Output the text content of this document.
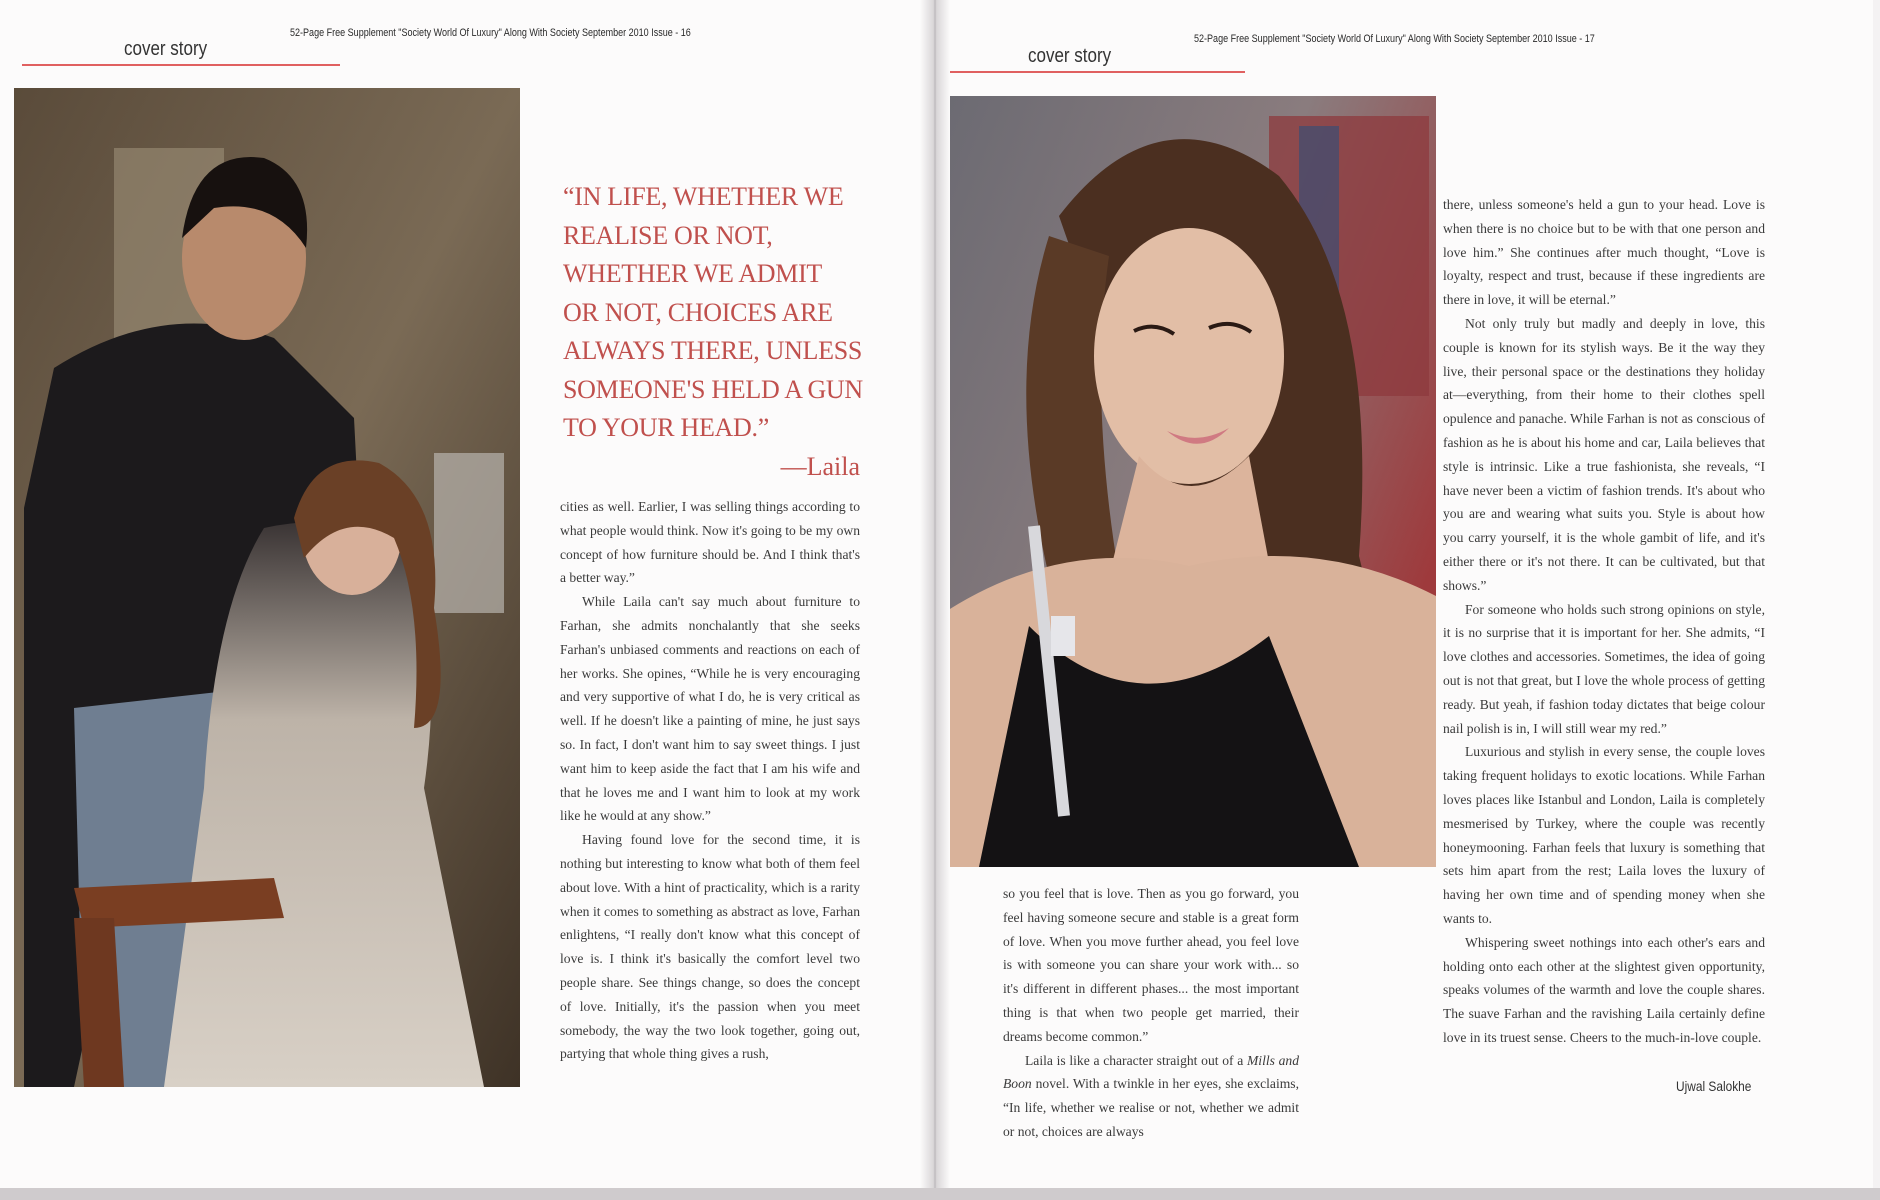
52-Page Free Supplement "Society World Of Luxury" Along With Society September 2010 Issue - 16
cover story
“IN LIFE, WHETHER WE REALISE OR NOT, WHETHER WE ADMIT OR NOT, CHOICES ARE ALWAYS THERE, UNLESS SOMEONE'S HELD A GUN TO YOUR HEAD.”
—Laila

cities as well. Earlier, I was selling things according to what people would think. Now it's going to be my own concept of how furniture should be. And I think that's a better way.”

While Laila can't say much about furniture to Farhan, she admits nonchalantly that she seeks Farhan's unbiased comments and reactions on each of her works. She opines, “While he is very encouraging and very supportive of what I do, he is very critical as well. If he doesn't like a painting of mine, he just says so. In fact, I don't want him to say sweet things. I just want him to keep aside the fact that I am his wife and that he loves me and I want him to look at my work like he would at any show.”

Having found love for the second time, it is nothing but interesting to know what both of them feel about love. With a hint of practicality, which is a rarity when it comes to something as abstract as love, Farhan enlightens, “I really don't know what this concept of love is. I think it's basically the comfort level two people share. See things change, so does the concept of love. Initially, it's the passion when you meet somebody, the way the two look together, going out, partying that whole thing gives a rush,

52-Page Free Supplement "Society World Of Luxury" Along With Society September 2010 Issue - 17
cover story

so you feel that is love. Then as you go forward, you feel having someone secure and stable is a great form of love. When you move further ahead, you feel love is with someone you can share your work with... so it's different in different phases... the most important thing is that when two people get married, their dreams become common.”

Laila is like a character straight out of a Mills and Boon novel. With a twinkle in her eyes, she exclaims, “In life, whether we realise or not, whether we admit or not, choices are always

there, unless someone's held a gun to your head. Love is when there is no choice but to be with that one person and love him.” She continues after much thought, “Love is loyalty, respect and trust, because if these ingredients are there in love, it will be eternal.”

Not only truly but madly and deeply in love, this couple is known for its stylish ways. Be it the way they live, their personal space or the destinations they holiday at—everything, from their home to their clothes spell opulence and panache. While Farhan is not as conscious of fashion as he is about his home and car, Laila believes that style is intrinsic. Like a true fashionista, she reveals, “I have never been a victim of fashion trends. It's about who you are and wearing what suits you. Style is about how you carry yourself, it is the whole gambit of life, and it's either there or it's not there. It can be cultivated, but that shows.”

For someone who holds such strong opinions on style, it is no surprise that it is important for her. She admits, “I love clothes and accessories. Sometimes, the idea of going out is not that great, but I love the whole process of getting ready. But yeah, if fashion today dictates that beige colour nail polish is in, I will still wear my red.”

Luxurious and stylish in every sense, the couple loves taking frequent holidays to exotic locations. While Farhan loves places like Istanbul and London, Laila is completely mesmerised by Turkey, where the couple was recently honeymooning. Farhan feels that luxury is something that sets him apart from the rest; Laila loves the luxury of having her own time and of spending money when she wants to.

Whispering sweet nothings into each other's ears and holding onto each other at the slightest given opportunity, speaks volumes of the warmth and love the couple shares. The suave Farhan and the ravishing Laila certainly define love in its truest sense. Cheers to the much-in-love couple.

Ujwal Salokhe
